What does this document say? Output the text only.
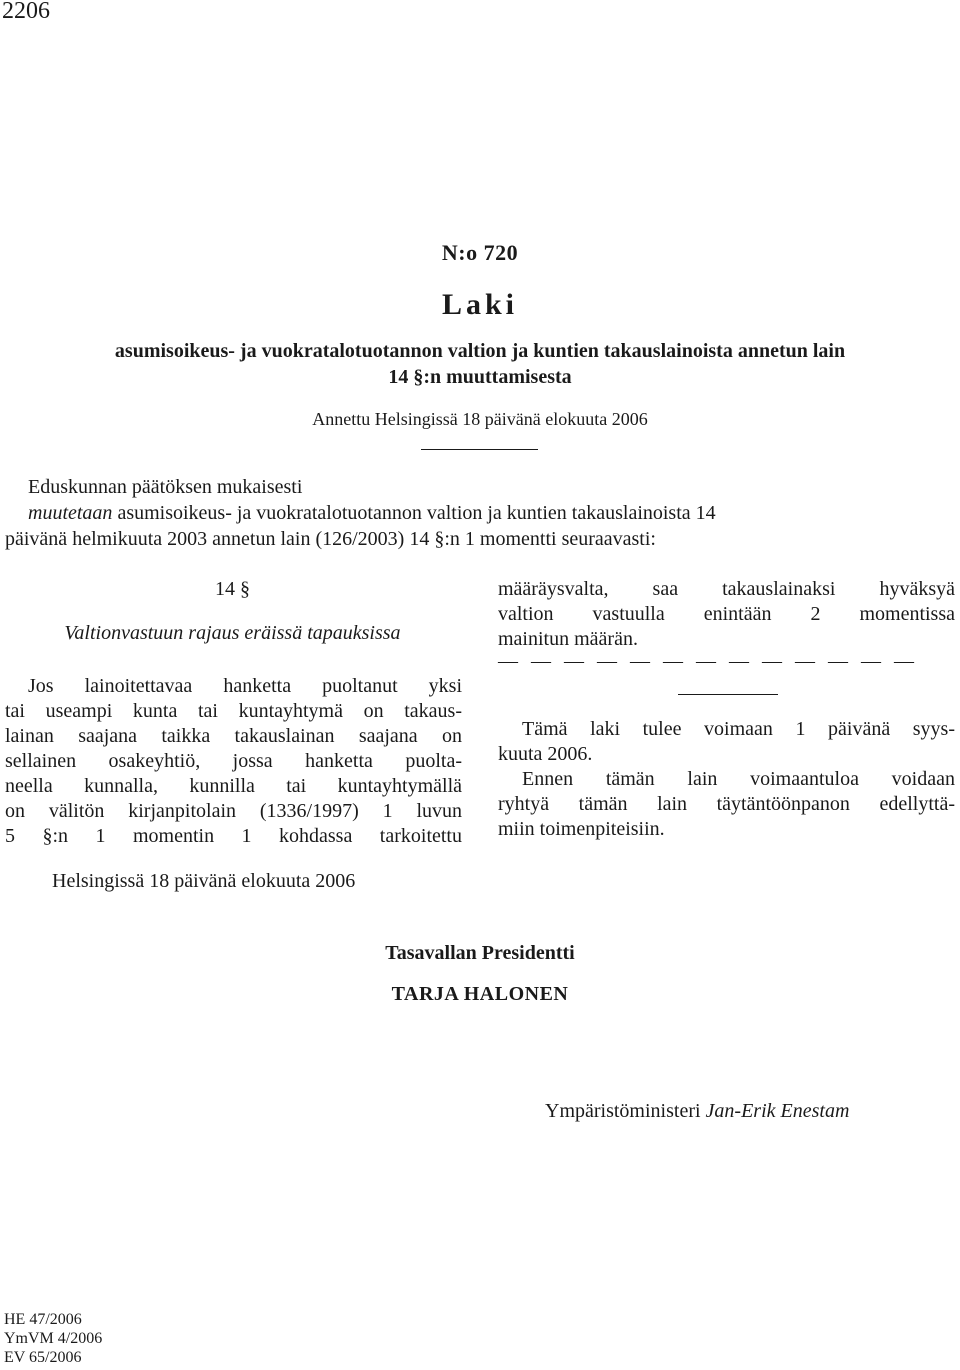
2206
N:o 720
Laki
asumisoikeus- ja vuokratalotuotannon valtion ja kuntien takauslainoista annetun lain
14 §:n muuttamisesta
Annettu Helsingissä 18 päivänä elokuuta 2006
Eduskunnan päätöksen mukaisesti
muutetaan asumisoikeus- ja vuokratalotuotannon valtion ja kuntien takauslainoista 14
päivänä helmikuuta 2003 annetun lain (126/2003) 14 §:n 1 momentti seuraavasti:
14 §
Valtionvastuun rajaus eräissä tapauksissa
Jos lainoitettavaa hanketta puoltanut yksi
tai useampi kunta tai kuntayhtymä on takaus-
lainan saajana taikka takauslainan saajana on
sellainen osakeyhtiö, jossa hanketta puolta-
neella kunnalla, kunnilla tai kuntayhtymällä
on välitön kirjanpitolain (1336/1997) 1 luvun
5 §:n 1 momentin 1 kohdassa tarkoitettu
määräysvalta, saa takauslainaksi hyväksyä
valtion vastuulla enintään 2 momentissa
mainitun määrän.
— — — — — — — — — — — — —
Tämä laki tulee voimaan 1 päivänä syys-
kuuta 2006.
Ennen tämän lain voimaantuloa voidaan
ryhtyä tämän lain täytäntöönpanon edellyttä-
miin toimenpiteisiin.
Helsingissä 18 päivänä elokuuta 2006
Tasavallan Presidentti
TARJA HALONEN
Ympäristöministeri Jan-Erik Enestam
HE 47/2006
YmVM 4/2006
EV 65/2006
